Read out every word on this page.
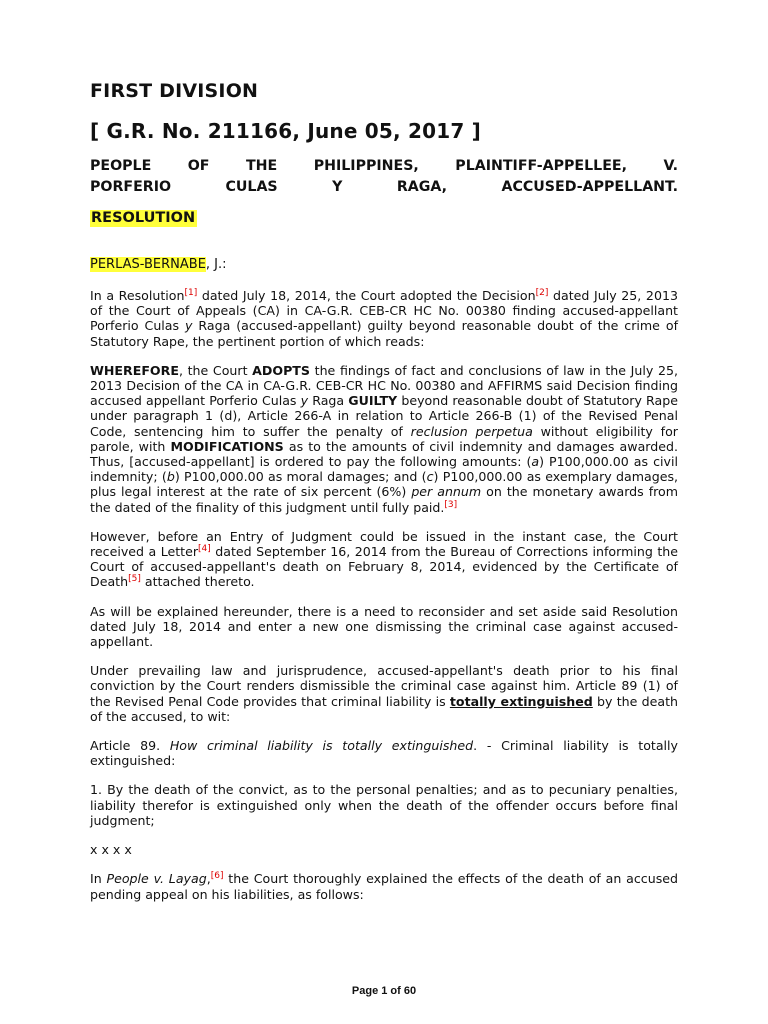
FIRST DIVISION
[ G.R. No. 211166, June 05, 2017 ]
PEOPLE	OF	THE	PHILIPPINES,	PLAINTIFF-APPELLEE,	V.
PORFERIO	CULAS	Y	RAGA,	ACCUSED-APPELLANT.
RESOLUTION
PERLAS-BERNABE, J.:

In a Resolution[1] dated July 18, 2014, the Court adopted the Decision[2] dated July 25, 2013 of the Court of Appeals (CA) in CA-G.R. CEB-CR HC No. 00380 finding accused-appellant Porferio Culas y Raga (accused-appellant) guilty beyond reasonable doubt of the crime of Statutory Rape, the pertinent portion of which reads:

WHEREFORE, the Court ADOPTS the findings of fact and conclusions of law in the July 25, 2013 Decision of the CA in CA-G.R. CEB-CR HC No. 00380 and AFFIRMS said Decision finding accused appellant Porferio Culas y Raga GUILTY beyond reasonable doubt of Statutory Rape under paragraph 1 (d), Article 266-A in relation to Article 266-B (1) of the Revised Penal Code, sentencing him to suffer the penalty of reclusion perpetua without eligibility for parole, with MODIFICATIONS as to the amounts of civil indemnity and damages awarded. Thus, [accused-appellant] is ordered to pay the following amounts: (a) P100,000.00 as civil indemnity; (b) P100,000.00 as moral damages; and (c) P100,000.00 as exemplary damages, plus legal interest at the rate of six percent (6%) per annum on the monetary awards from the dated of the finality of this judgment until fully paid.[3]

However, before an Entry of Judgment could be issued in the instant case, the Court received a Letter[4] dated September 16, 2014 from the Bureau of Corrections informing the Court of accused-appellant's death on February 8, 2014, evidenced by the Certificate of Death[5] attached thereto.

As will be explained hereunder, there is a need to reconsider and set aside said Resolution dated July 18, 2014 and enter a new one dismissing the criminal case against accused-appellant.

Under prevailing law and jurisprudence, accused-appellant's death prior to his final conviction by the Court renders dismissible the criminal case against him. Article 89 (1) of the Revised Penal Code provides that criminal liability is totally extinguished by the death of the accused, to wit:

Article 89. How criminal liability is totally extinguished. - Criminal liability is totally extinguished:

1. By the death of the convict, as to the personal penalties; and as to pecuniary penalties, liability therefor is extinguished only when the death of the offender occurs before final judgment;

x x x x

In People v. Layag,[6] the Court thoroughly explained the effects of the death of an accused pending appeal on his liabilities, as follows:

Page 1 of 60
